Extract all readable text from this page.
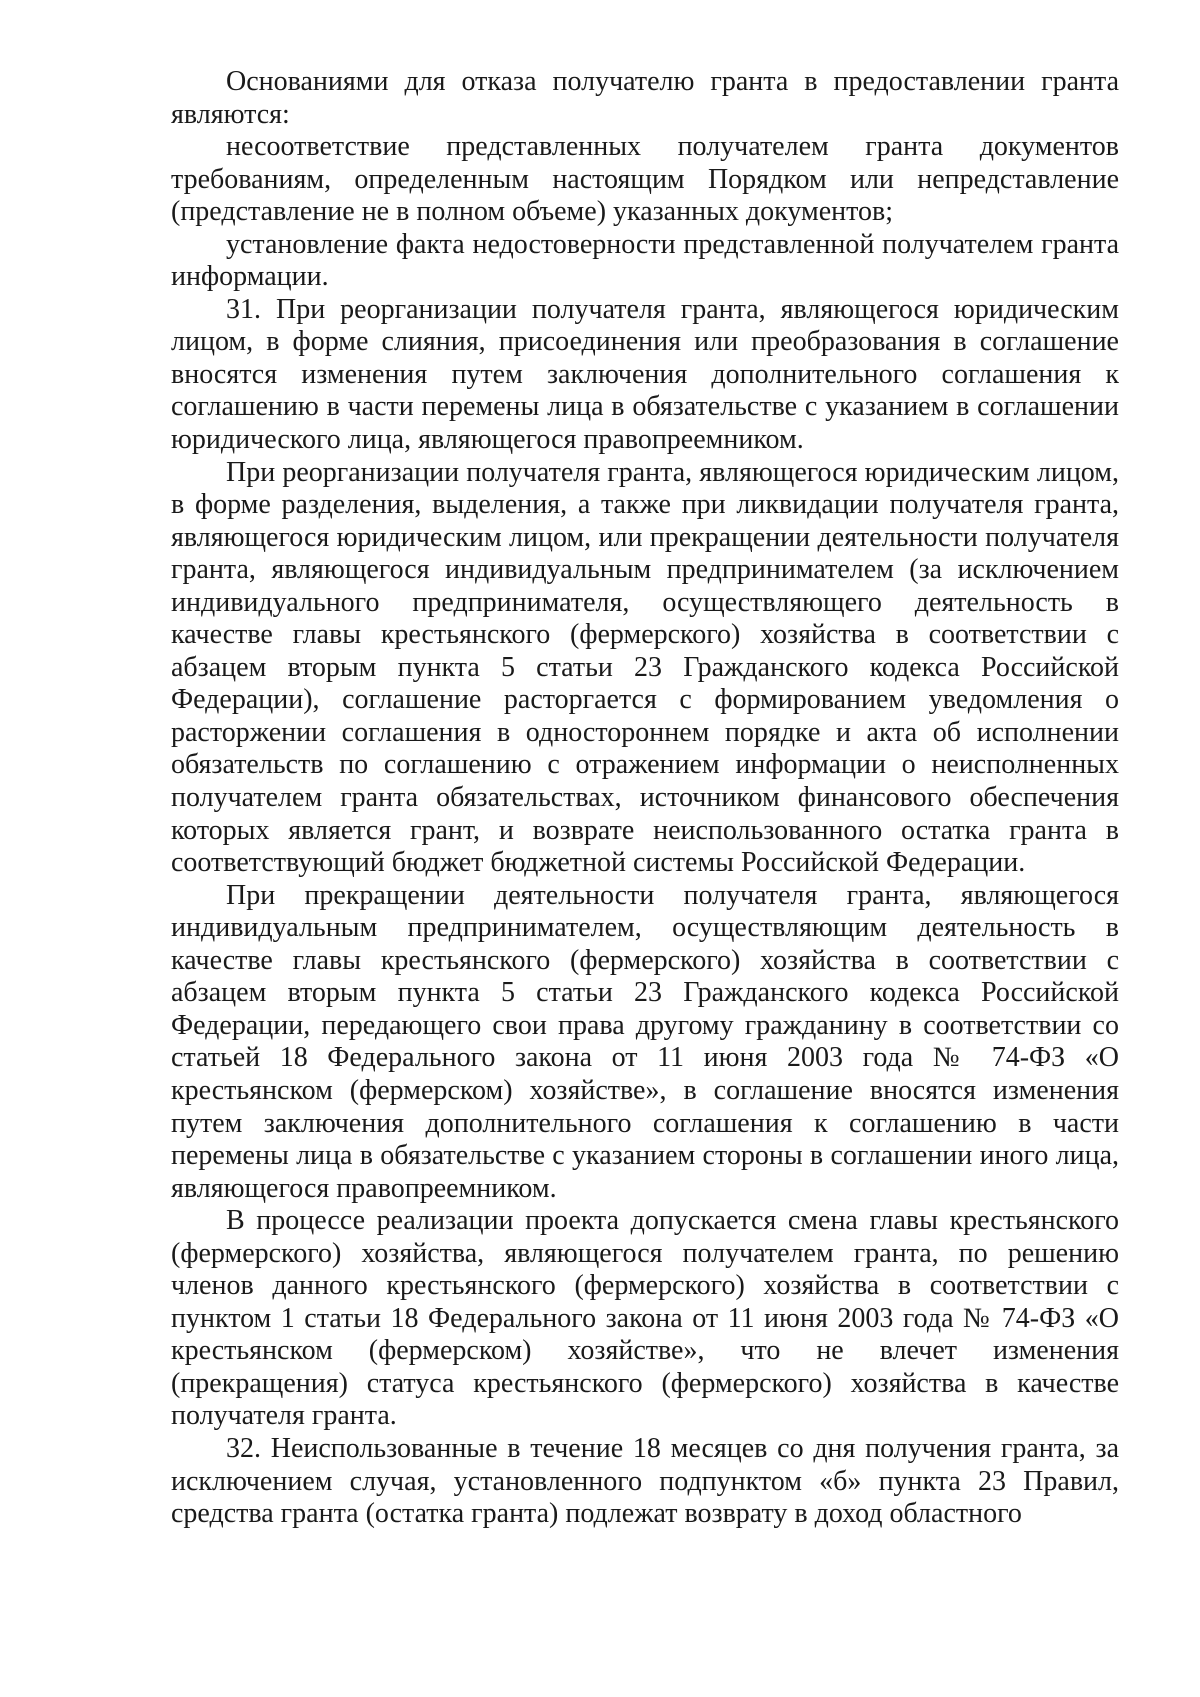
Основаниями для отказа получателю гранта в предоставлении гранта являются:

несоответствие представленных получателем гранта документов требованиям, определенным настоящим Порядком или непредставление (представление не в полном объеме) указанных документов;

установление факта недостоверности представленной получателем гранта информации.

31. При реорганизации получателя гранта, являющегося юридическим лицом, в форме слияния, присоединения или преобразования в соглашение вносятся изменения путем заключения дополнительного соглашения к соглашению в части перемены лица в обязательстве с указанием в соглашении юридического лица, являющегося правопреемником.

При реорганизации получателя гранта, являющегося юридическим лицом, в форме разделения, выделения, а также при ликвидации получателя гранта, являющегося юридическим лицом, или прекращении деятельности получателя гранта, являющегося индивидуальным предпринимателем (за исключением индивидуального предпринимателя, осуществляющего деятельность в качестве главы крестьянского (фермерского) хозяйства в соответствии с абзацем вторым пункта 5 статьи 23 Гражданского кодекса Российской Федерации), соглашение расторгается с формированием уведомления о расторжении соглашения в одностороннем порядке и акта об исполнении обязательств по соглашению с отражением информации о неисполненных получателем гранта обязательствах, источником финансового обеспечения которых является грант, и возврате неиспользованного остатка гранта в соответствующий бюджет бюджетной системы Российской Федерации.

При прекращении деятельности получателя гранта, являющегося индивидуальным предпринимателем, осуществляющим деятельность в качестве главы крестьянского (фермерского) хозяйства в соответствии с абзацем вторым пункта 5 статьи 23 Гражданского кодекса Российской Федерации, передающего свои права другому гражданину в соответствии со статьей 18 Федерального закона от 11 июня 2003 года № 74-ФЗ «О крестьянском (фермерском) хозяйстве», в соглашение вносятся изменения путем заключения дополнительного соглашения к соглашению в части перемены лица в обязательстве с указанием стороны в соглашении иного лица, являющегося правопреемником.

В процессе реализации проекта допускается смена главы крестьянского (фермерского) хозяйства, являющегося получателем гранта, по решению членов данного крестьянского (фермерского) хозяйства в соответствии с пунктом 1 статьи 18 Федерального закона от 11 июня 2003 года № 74-ФЗ «О крестьянском (фермерском) хозяйстве», что не влечет изменения (прекращения) статуса крестьянского (фермерского) хозяйства в качестве получателя гранта.

32. Неиспользованные в течение 18 месяцев со дня получения гранта, за исключением случая, установленного подпунктом «б» пункта 23 Правил, средства гранта (остатка гранта) подлежат возврату в доход областного
